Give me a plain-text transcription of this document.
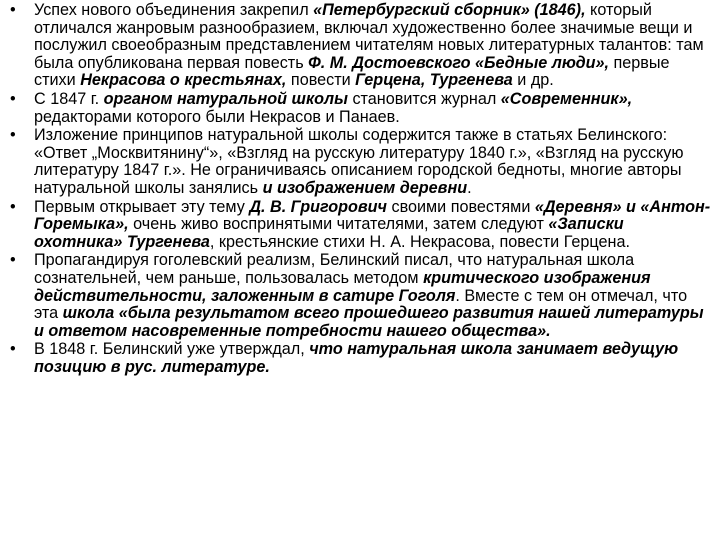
•	Успех нового объединения закрепил «Петербургский сборник» (1846), который отличался жанровым разнообразием, включал художественно более значимые вещи и послужил своеобразным представлением читателям новых литературных талантов: там была опубликована первая повесть Ф. М. Достоевского «Бедные люди», первые стихи Некрасова о крестьянах, повести Герцена, Тургенева и др.
•	С 1847 г. органом натуральной школы становится журнал «Современник», редакторами которого были Некрасов и Панаев.
•	Изложение принципов натуральной школы содержится также в статьях Белинского: «Ответ „Москвитянину“», «Взгляд на русскую литературу 1840 г.», «Взгляд на русскую литературу 1847 г.». Не ограничиваясь описанием городской бедноты, многие авторы натуральной школы занялись и изображением деревни.
•	Первым открывает эту тему Д. В. Григорович своими повестями «Деревня» и «Антон-Горемыка», очень живо воспринятыми читателями, затем следуют «Записки охотника» Тургенева, крестьянские стихи Н. А. Некрасова, повести Герцена.
•	Пропагандируя гоголевский реализм, Белинский писал, что натуральная школа сознательней, чем раньше, пользовалась методом критического изображения действительности, заложенным в сатире Гоголя. Вместе с тем он отмечал, что эта школа «была результатом всего прошедшего развития нашей литературы и ответом насовременные потребности нашего общества».
•	В 1848 г. Белинский уже утверждал, что натуральная школа занимает ведущую позицию в рус. литературе.
